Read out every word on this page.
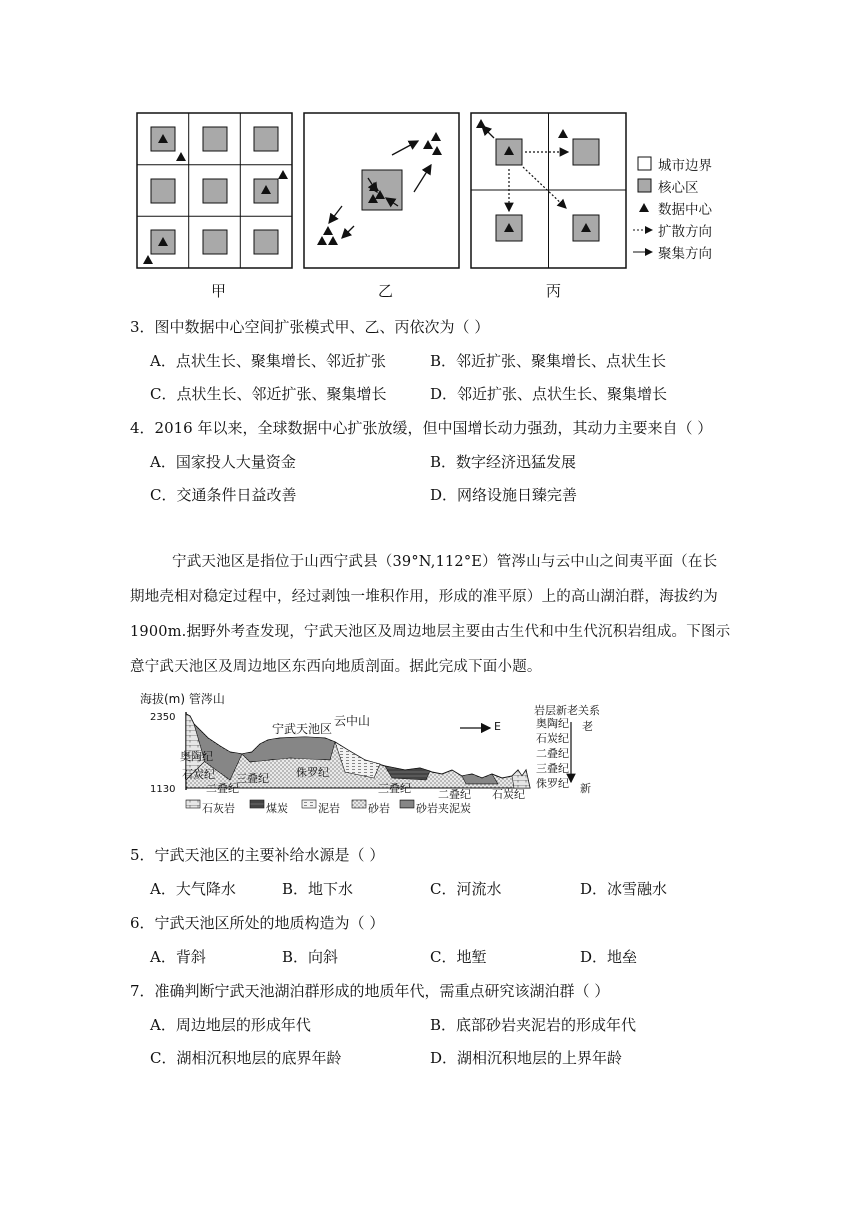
城市边界
核心区
数据中心
扩散方向
聚集方向
甲	乙	丙
3．图中数据中心空间扩张模式甲、乙、丙依次为（ ）
A．点状生长、聚集增长、邻近扩张	B．邻近扩张、聚集增长、点状生长
C．点状生长、邻近扩张、聚集增长	D．邻近扩张、点状生长、聚集增长
4．2016 年以来，全球数据中心扩张放缓，但中国增长动力强劲，其动力主要来自（ ）
A．国家投人大量资金	B．数字经济迅猛发展
C．交通条件日益改善	D．网络设施日臻完善
宁武天池区是指位于山西宁武县（39°N,112°E）管涔山与云中山之间夷平面（在长
期地壳相对稳定过程中，经过剥蚀一堆积作用，形成的准平原）上的高山湖泊群，海拔约为
1900m.据野外考查发现，宁武天池区及周边地层主要由古生代和中生代沉积岩组成。下图示
意宁武天池区及周边地区东西向地质剖面。据此完成下面小题。
海拔(m) 管涔山
2350
1130
宁武天池区
云中山	E
奥陶纪
石炭纪
二叠纪
三叠纪 侏罗纪
三叠纪 二叠纪 石炭纪
岩层新老关系
老
新
奥陶纪
石炭纪
二叠纪
三叠纪
侏罗纪
石灰岩	煤炭	泥岩	砂岩 砂岩夹泥炭
5．宁武天池区的主要补给水源是（ ）
A．大气降水	B．地下水	C．河流水	D．冰雪融水
6．宁武天池区所处的地质构造为（ ）
A．背斜	B．向斜	C．地堑	D．地垒
7．准确判断宁武天池湖泊群形成的地质年代，需重点研究该湖泊群（ ）
A．周边地层的形成年代	B．底部砂岩夹泥岩的形成年代
C．湖相沉积地层的底界年龄	D．湖相沉积地层的上界年龄
